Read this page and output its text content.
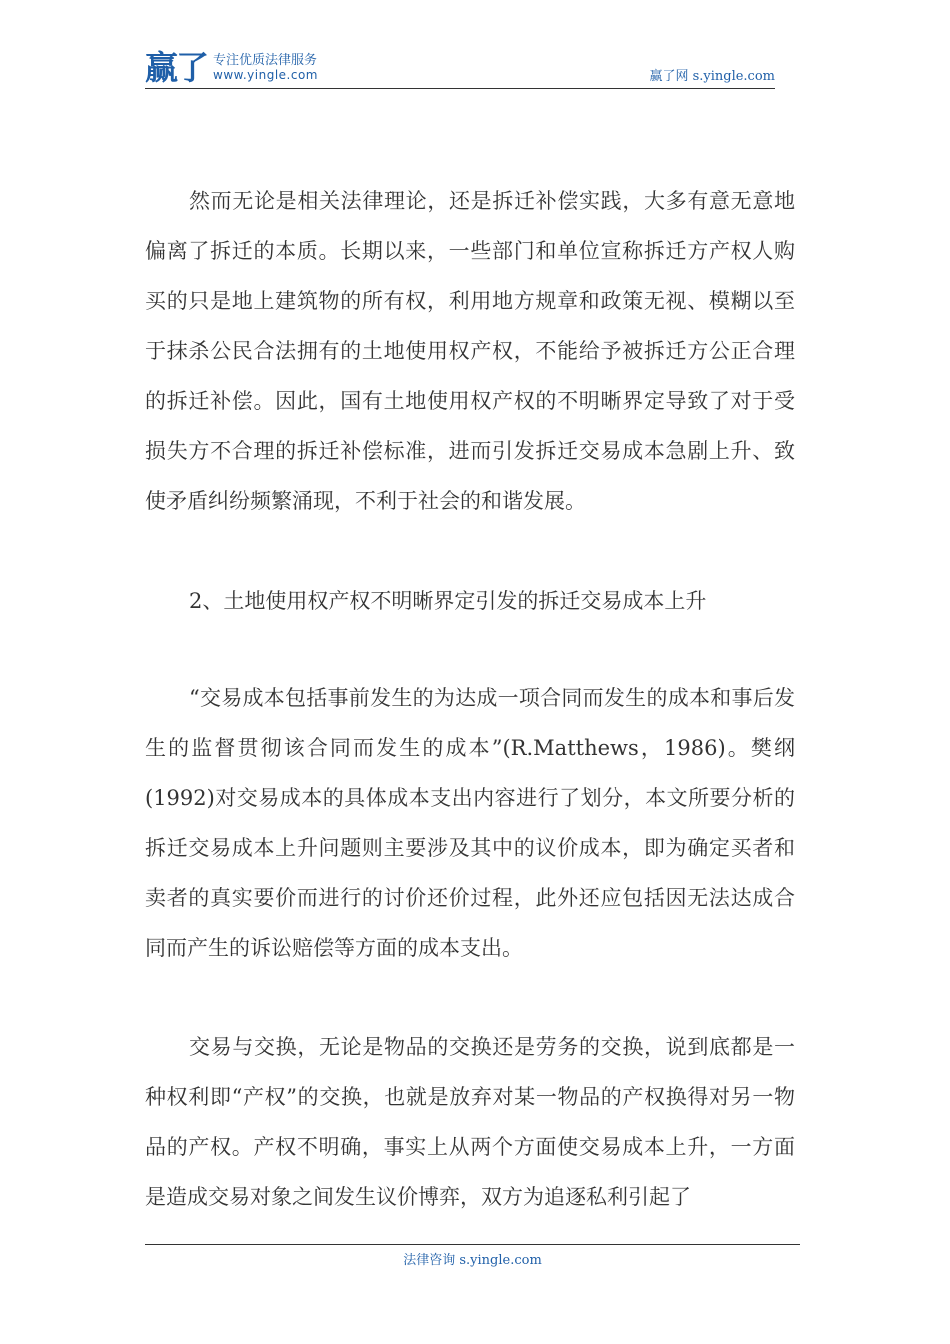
赢了 专注优质法律服务
www.yingle.com	赢了网 s.yingle.com

然而无论是相关法律理论，还是拆迁补偿实践，大多有意无意地偏离了拆迁的本质。长期以来，一些部门和单位宣称拆迁方产权人购买的只是地上建筑物的所有权，利用地方规章和政策无视、模糊以至于抹杀公民合法拥有的土地使用权产权，不能给予被拆迁方公正合理的拆迁补偿。因此，国有土地使用权产权的不明晰界定导致了对于受损失方不合理的拆迁补偿标准，进而引发拆迁交易成本急剧上升、致使矛盾纠纷频繁涌现，不利于社会的和谐发展。

2、土地使用权产权不明晰界定引发的拆迁交易成本上升

“交易成本包括事前发生的为达成一项合同而发生的成本和事后发生的监督贯彻该合同而发生的成本”(R.Matthews，1986)。樊纲(1992)对交易成本的具体成本支出内容进行了划分，本文所要分析的拆迁交易成本上升问题则主要涉及其中的议价成本，即为确定买者和卖者的真实要价而进行的讨价还价过程，此外还应包括因无法达成合同而产生的诉讼赔偿等方面的成本支出。

交易与交换，无论是物品的交换还是劳务的交换，说到底都是一种权利即“产权”的交换，也就是放弃对某一物品的产权换得对另一物品的产权。产权不明确，事实上从两个方面使交易成本上升，一方面是造成交易对象之间发生议价博弈，双方为追逐私利引起了

法律咨询 s.yingle.com
